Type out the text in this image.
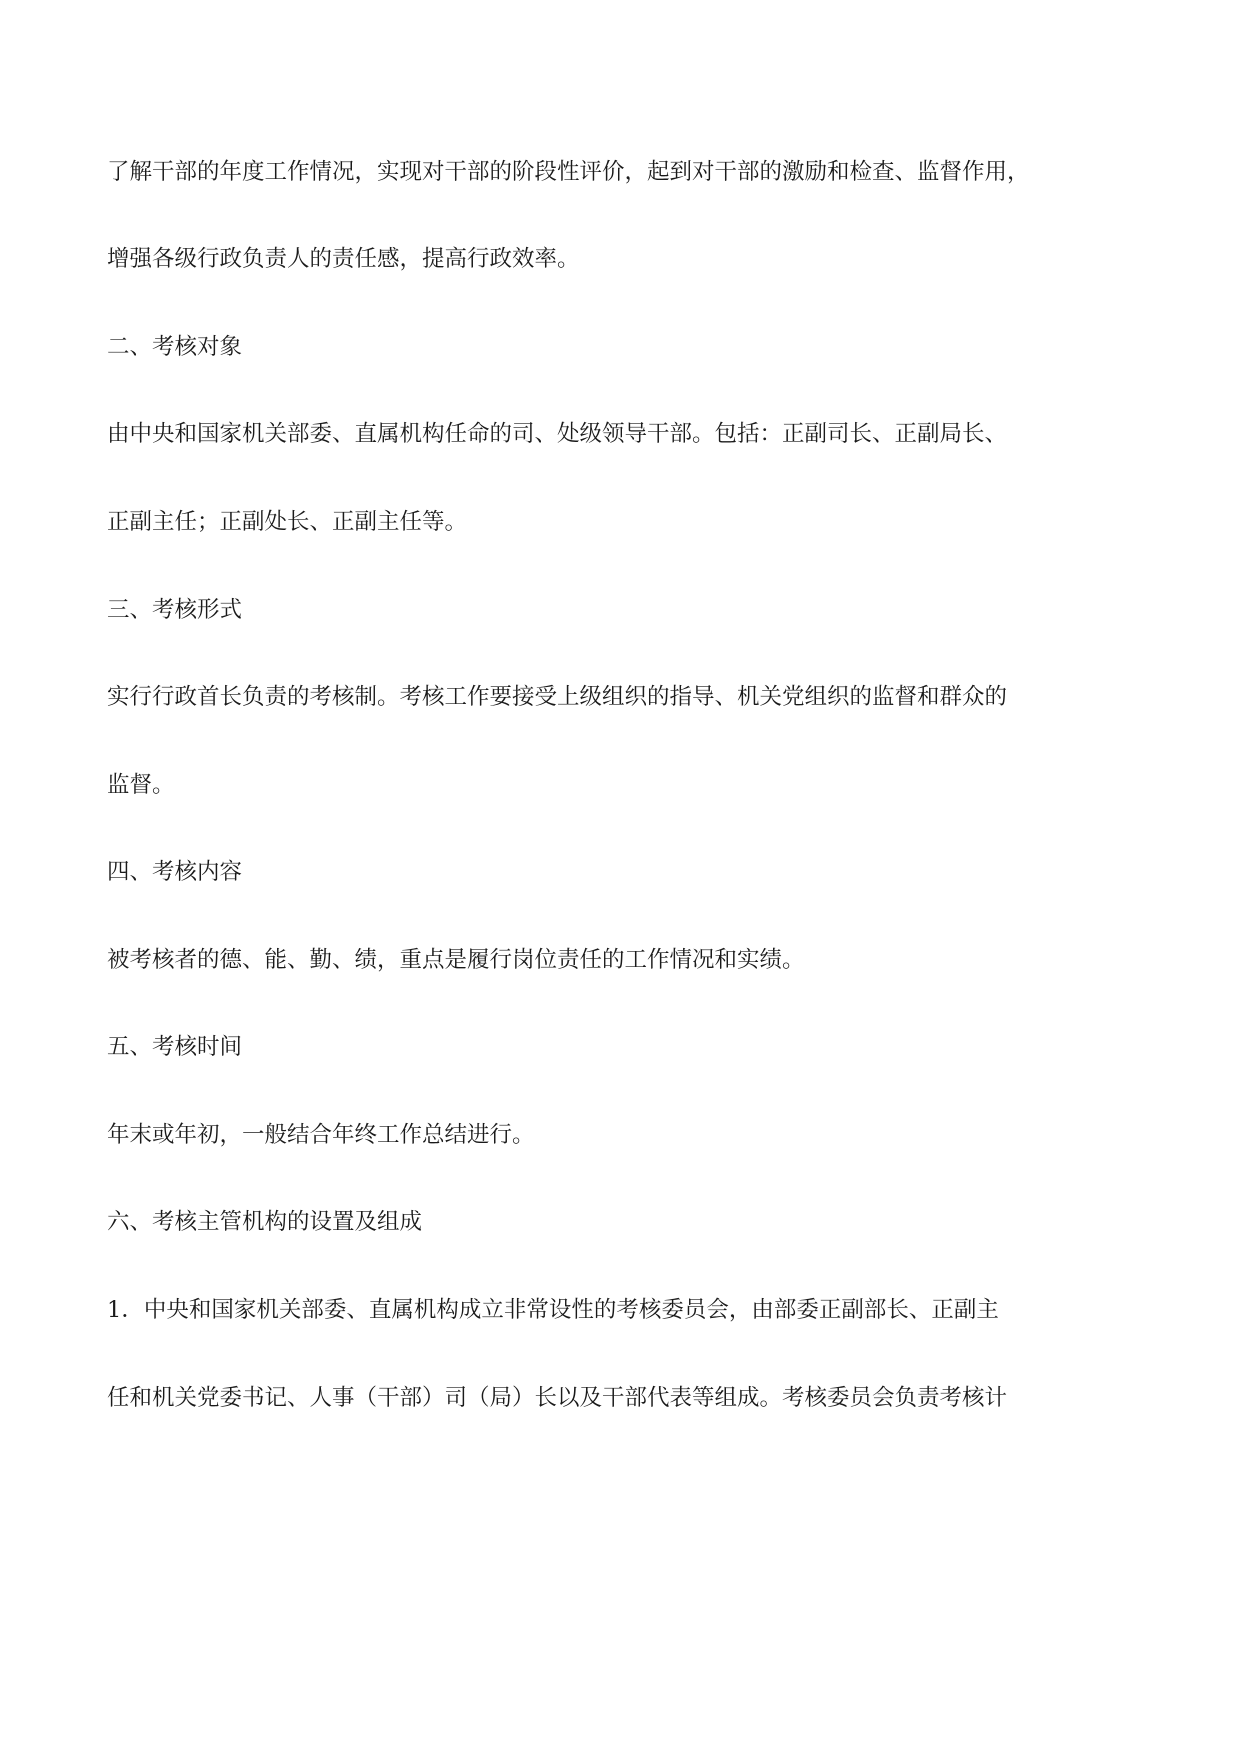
了解干部的年度工作情况，实现对干部的阶段性评价，起到对干部的激励和检查、监督作用，
增强各级行政负责人的责任感，提高行政效率。
二、考核对象
由中央和国家机关部委、直属机构任命的司、处级领导干部。包括：正副司长、正副局长、
正副主任；正副处长、正副主任等。
三、考核形式
实行行政首长负责的考核制。考核工作要接受上级组织的指导、机关党组织的监督和群众的
监督。
四、考核内容
被考核者的德、能、勤、绩，重点是履行岗位责任的工作情况和实绩。
五、考核时间
年末或年初，一般结合年终工作总结进行。
六、考核主管机构的设置及组成
1．中央和国家机关部委、直属机构成立非常设性的考核委员会，由部委正副部长、正副主
任和机关党委书记、人事（干部）司（局）长以及干部代表等组成。考核委员会负责考核计
